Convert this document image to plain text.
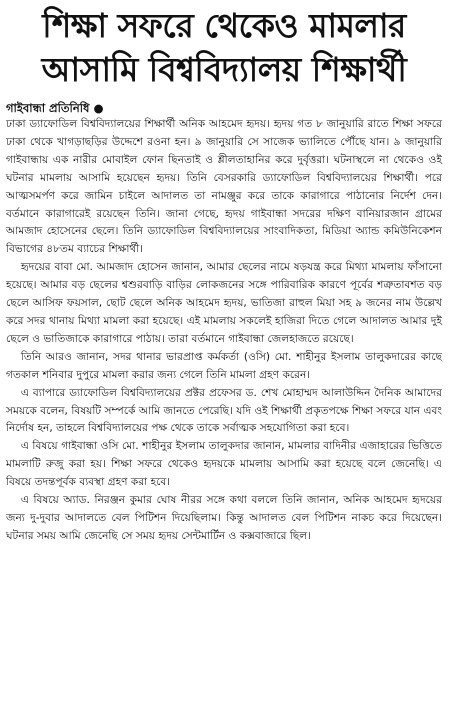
শিক্ষা সফরে থেকেও মামলার
আসামি বিশ্ববিদ্যালয় শিক্ষার্থী
গাইবান্ধা প্রতিনিধি ●

ঢাকা ড্যাফোডিল বিশ্ববিদ্যালয়ের শিক্ষার্থী অনিক আহমেদ হৃদয়। হৃদয় গত ৮ জানুয়ারি রাতে শিক্ষা সফরে ঢাকা থেকে খাগড়াছড়ির উদ্দেশে রওনা হন। ৯ জানুয়ারি সে সাজেক ভ্যালিতে পৌঁছে যান। ৯ জানুয়ারি গাইবান্ধায় এক নারীর মোবাইল ফোন ছিনতাই ও শ্লীলতাহানির করে দুর্বৃত্তরা। ঘটনাস্থলে না থেকেও ওই ঘটনার মামলায় আসামি হয়েছেন হৃদয়। তিনি বেসরকারি ড্যাফোডিল বিশ্ববিদ্যালয়ের শিক্ষার্থী। পরে আত্মসমর্পণ করে জামিন চাইলে আদালত তা নামঞ্জুর করে তাকে কারাগারে পাঠানোর নির্দেশ দেন। বর্তমানে কারাগারেই রয়েছেন তিনি। জানা গেছে, হৃদয় গাইবান্ধা সদরের দক্ষিণ বানিয়ারজান গ্রামের আমজাদ হোসেনের ছেলে। তিনি ড্যাফোডিল বিশ্ববিদ্যালয়ের সাংবাদিকতা, মিডিয়া অ্যান্ড কমিউনিকেশন বিভাগের ৪৮তম ব্যাচের শিক্ষার্থী।

হৃদয়ের বাবা মো. আমজাদ হোসেন জানান, আমার ছেলের নামে ষড়যন্ত্র করে মিথ্যা মামলায় ফাঁসানো হয়েছে। আমার বড় ছেলের শ্বশুরবাড়ি বাড়ির লোকজনের সঙ্গে পারিবারিক কারণে পূর্বের শত্রুতাবশত বড় ছেলে আসিফ ফয়সাল, ছোট ছেলে অনিক আহমেদ হৃদয়, ভাতিজা রাহুল মিয়া সহ ৯ জনের নাম উল্লেখ করে সদর থানায় মিথ্যা মামলা করা হয়েছে। এই মামলায় সকলেই হাজিরা দিতে গেলে আদালত আমার দুই ছেলে ও ভাতিজাকে কারাগারে পাঠায়। তারা বর্তমানে গাইবান্ধা জেলহাজতে রয়েছে।

তিনি আরও জানান, সদর থানার ভারপ্রাপ্ত কর্মকর্তা (ওসি) মো. শাহীনুর ইসলাম তালুকদারের কাছে গতকাল শনিবার দুপুরে মামলা করার জন্য গেলে তিনি মামলা গ্রহণ করেন।

এ ব্যাপারে ড্যাফোডিল বিশ্ববিদ্যালয়ের প্রক্টর প্রফেসর ড. শেখ মোহাম্মদ আলাউদ্দিন দৈনিক আমাদের সময়কে বলেন, বিষয়টি সম্পর্কে আমি জানতে পেরেছি। যদি ওই শিক্ষার্থী প্রকৃতপক্ষে শিক্ষা সফরে যান এবং নির্দোষ হন, তাহলে বিশ্ববিদ্যালয়ের পক্ষ থেকে তাকে সর্বাত্মক সহযোগিতা করা হবে।

এ বিষয়ে গাইবান্ধা ওসি মো. শাহীনুর ইসলাম তালুকদার জানান, মামলার বাদিনীর এজাহারের ভিত্তিতে মামলাটি রুজু করা হয়। শিক্ষা সফরে থেকেও হৃদয়কে মামলায় আসামি করা হয়েছে বলে জেনেছি। এ বিষয়ে তদন্তপূর্বক ব্যবস্থা গ্রহণ করা হবে।

এ বিষয়ে অ্যাড. নিরঞ্জন কুমার ঘোষ নীরর সঙ্গে কথা বললে তিনি জানান, অনিক আহমেদ হৃদয়ের জন্য দু-দুবার আদালতে বেল পিটিশন দিয়েছিলাম। কিন্তু আদালত বেল পিটিশন নাকচ করে দিয়েছেন। ঘটনার সময় আমি জেনেছি সে সময় হৃদয় সেন্টমার্টিন ও কক্সবাজারে ছিল।
